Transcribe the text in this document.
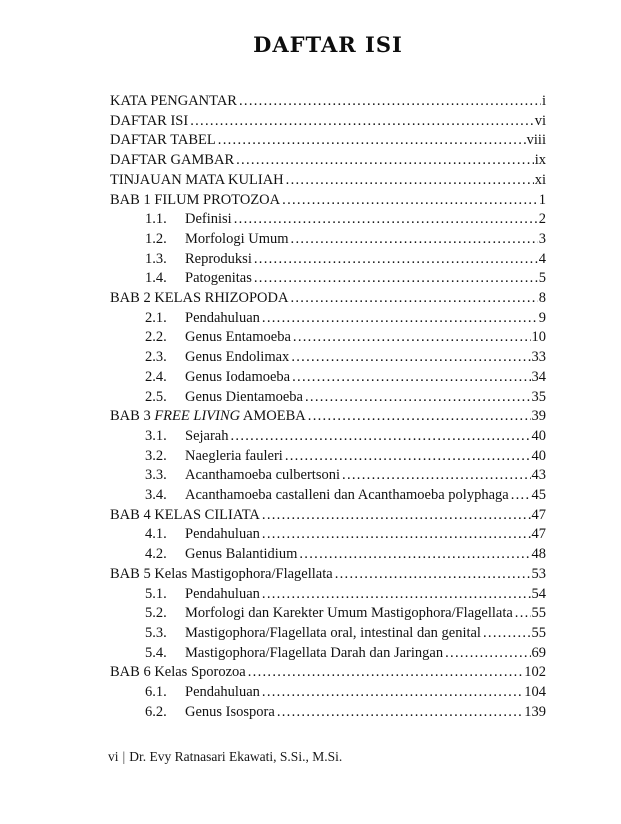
DAFTAR ISI
KATA PENGANTAR .....	i
DAFTAR ISI .....	vi
DAFTAR TABEL .....	viii
DAFTAR GAMBAR .....	ix
TINJAUAN MATA KULIAH .....	xi
BAB 1 FILUM PROTOZOA .....	1
1.1.	Definisi .....	2
1.2.	Morfologi Umum .....	3
1.3.	Reproduksi .....	4
1.4.	Patogenitas .....	5
BAB 2 KELAS RHIZOPODA .....	8
2.1.	Pendahuluan .....	9
2.2.	Genus Entamoeba .....	10
2.3.	Genus Endolimax .....	33
2.4.	Genus Iodamoeba .....	34
2.5.	Genus Dientamoeba .....	35
BAB 3 FREE LIVING AMOEBA .....	39
3.1.	Sejarah .....	40
3.2.	Naegleria fauleri .....	40
3.3.	Acanthamoeba culbertsoni .....	43
3.4.	Acanthamoeba castalleni dan Acanthamoeba polyphaga ..... 45
BAB 4 KELAS CILIATA .....	47
4.1.	Pendahuluan .....	47
4.2.	Genus Balantidium .....	48
BAB 5 Kelas Mastigophora/Flagellata .....	53
5.1.	Pendahuluan .....	54
5.2.	Morfologi dan Karekter Umum Mastigophora/Flagellata ..... 55
5.3.	Mastigophora/Flagellata oral, intestinal dan genital .....	55
5.4.	Mastigophora/Flagellata Darah dan Jaringan .....	69
BAB 6 Kelas Sporozoa .....	102
6.1.	Pendahuluan .....	104
6.2.	Genus Isospora .....	139
vi | Dr. Evy Ratnasari Ekawati, S.Si., M.Si.
